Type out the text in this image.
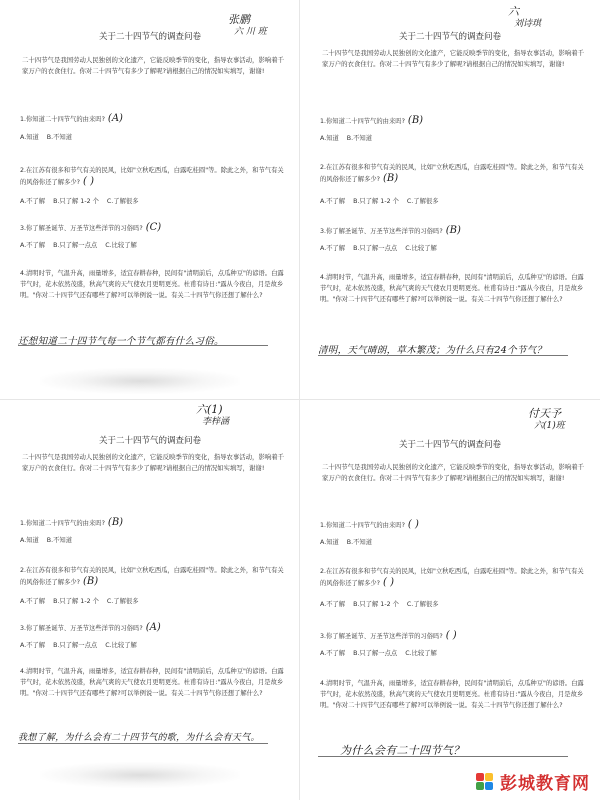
张鹏
六 川 班
关于二十四节气的调查问卷
二十四节气是我国劳动人民独创的文化遗产，它能反映季节的变化，指导农事活动，影响着千家万户的衣食住行。你对二十四节气有多少了解呢?请根据自己的情况如实填写，谢谢!
1.你知道二十四节气的由来吗? (A)
A.知道 B.不知道
2.在江苏有很多和节气有关的民风，比如"立秋吃西瓜，白露吃桂圆"等。除此之外，和节气有关的风俗你还了解多少? ( )
A.不了解 B.只了解 1-2 个 C.了解很多
3.你了解圣诞节、万圣节这些洋节的习俗吗? (C)
A.不了解 B.只了解一点点 C.比较了解
4.清明时节，气温升高，雨量增多，适宜春耕春种，民间有"清明前后，点瓜种豆"的谚语。白露节气时，花木依然茂盛，秋高气爽的天气使农月更明更亮。杜甫有诗日:"露从今夜白，月是故乡明。"你对二十四节气还有哪些了解?可以举例说一说。有关二十四节气你还想了解什么?
还想知道二十四节气每一个节气都有什么习俗。
六
刘诗琪
关于二十四节气的调查问卷
二十四节气是我国劳动人民独创的文化遗产，它能反映季节的变化，指导农事活动，影响着千家万户的衣食住行。你对二十四节气有多少了解呢?请根据自己的情况如实填写，谢谢!
1.你知道二十四节气的由来吗? (B)
A.知道 B.不知道
2.在江苏有很多和节气有关的民风，比如"立秋吃西瓜，白露吃桂圆"等。除此之外，和节气有关的风俗你还了解多少? (B)
A.不了解 B.只了解 1-2 个 C.了解很多
3.你了解圣诞节、万圣节这些洋节的习俗吗? (B)
A.不了解 B.只了解一点点 C.比较了解
4.清明时节，气温升高，雨量增多，适宜春耕春种，民间有"清明前后，点瓜种豆"的谚语。白露节气时，花木依然茂盛，秋高气爽的天气使农月更明更亮。杜甫有诗日:"露从今夜白，月是故乡明。"你对二十四节气还有哪些了解?可以举例说一说。有关二十四节气你还想了解什么?
清明，天气晴朗，草木繁茂；为什么只有24个节气？
六(1)
李梓涵
关于二十四节气的调查问卷
二十四节气是我国劳动人民独创的文化遗产，它能反映季节的变化，指导农事活动，影响着千家万户的衣食住行。你对二十四节气有多少了解呢?请根据自己的情况如实填写，谢谢!
1.你知道二十四节气的由来吗? (B)
A.知道 B.不知道
2.在江苏有很多和节气有关的民风，比如"立秋吃西瓜，白露吃桂圆"等。除此之外，和节气有关的风俗你还了解多少? (B)
A.不了解 B.只了解 1-2 个 C.了解很多
3.你了解圣诞节、万圣节这些洋节的习俗吗? (A)
A.不了解 B.只了解一点点 C.比较了解
4.清明时节，气温升高，雨量增多，适宜春耕春种，民间有"清明前后，点瓜种豆"的谚语。白露节气时，花木依然茂盛，秋高气爽的天气使农月更明更亮。杜甫有诗日:"露从今夜白，月是故乡明。"你对二十四节气还有哪些了解?可以举例说一说。有关二十四节气你还想了解什么?
我想了解，为什么会有二十四节气的歌，为什么会有天气。
付天予
六(1)班
关于二十四节气的调查问卷
二十四节气是我国劳动人民独创的文化遗产，它能反映季节的变化，指导农事活动，影响着千家万户的衣食住行。你对二十四节气有多少了解呢?请根据自己的情况如实填写，谢谢!
1.你知道二十四节气的由来吗? ( )
A.知道 B.不知道
2.在江苏有很多和节气有关的民风，比如"立秋吃西瓜，白露吃桂圆"等。除此之外，和节气有关的风俗你还了解多少? ( )
A.不了解 B.只了解 1-2 个 C.了解很多
3.你了解圣诞节、万圣节这些洋节的习俗吗? ( )
A.不了解 B.只了解一点点 C.比较了解
4.清明时节，气温升高，雨量增多，适宜春耕春种，民间有"清明前后，点瓜种豆"的谚语。白露节气时，花木依然茂盛，秋高气爽的天气使农月更明更亮。杜甫有诗日:"露从今夜白，月是故乡明。"你对二十四节气还有哪些了解?可以举例说一说。有关二十四节气你还想了解什么?
为什么会有二十四节气？
彭城教育网
